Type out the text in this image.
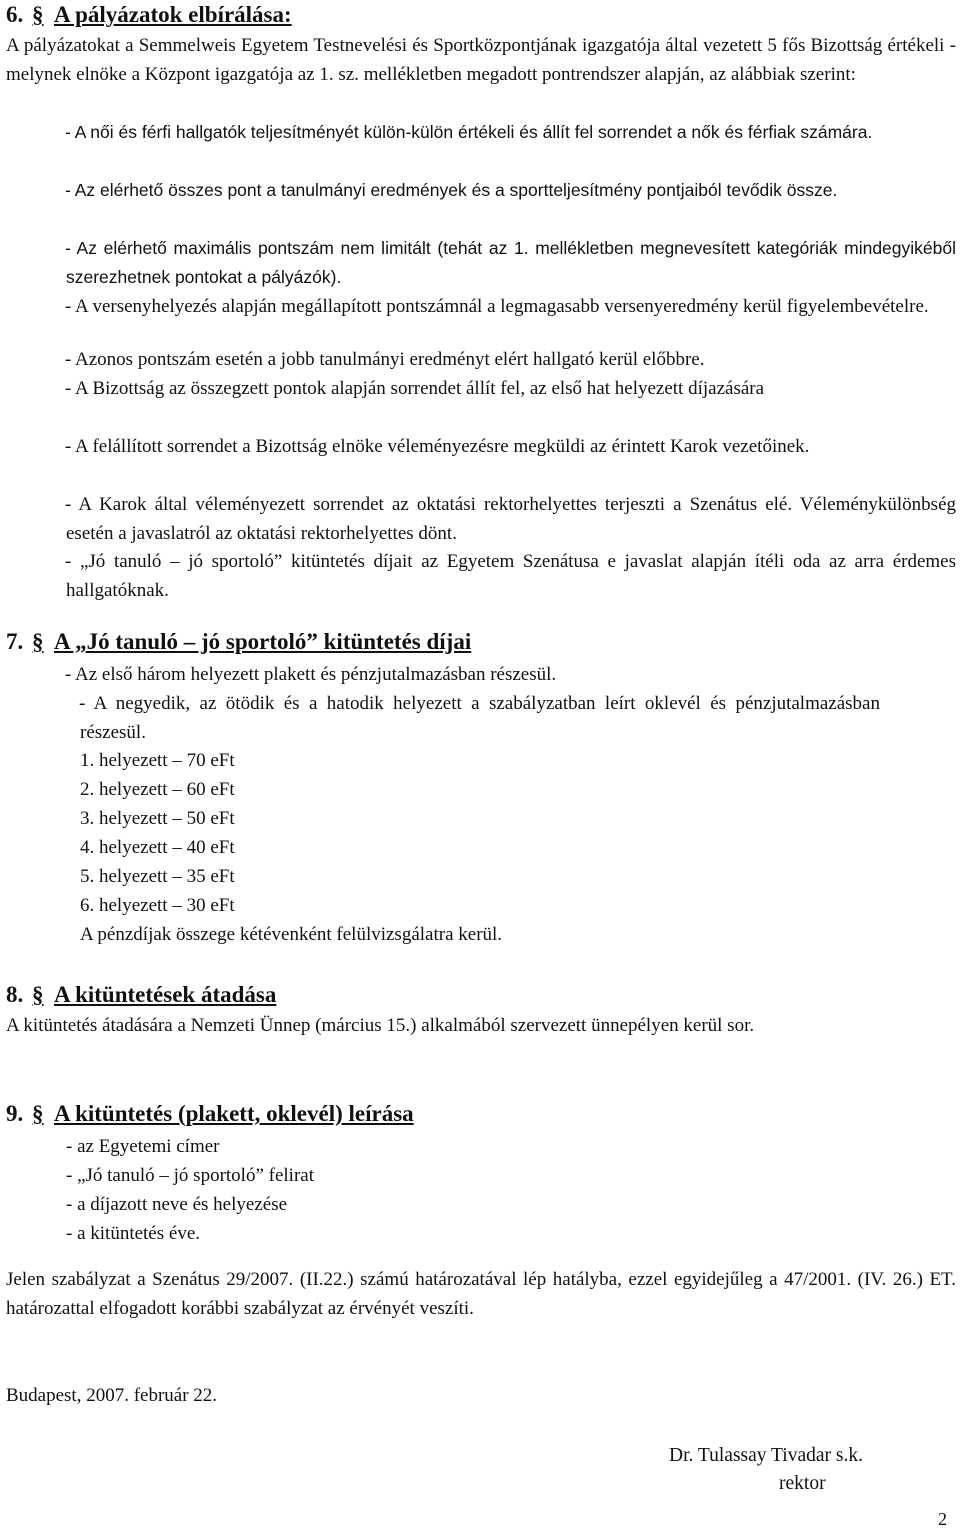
6. § A pályázatok elbírálása:
A pályázatokat a Semmelweis Egyetem Testnevelési és Sportközpontjának igazgatója által vezetett 5 fős Bizottság értékeli - melynek elnöke a Központ igazgatója az 1. sz. mellékletben megadott pontrendszer alapján, az alábbiak szerint:
- A női és férfi hallgatók teljesítményét külön-külön értékeli és állít fel sorrendet a nők és férfiak számára.
- Az elérhető összes pont a tanulmányi eredmények és a sportteljesítmény pontjaiból tevődik össze.
- Az elérhető maximális pontszám nem limitált (tehát az 1. mellékletben megnevesített kategóriák mindegyikéből szerezhetnek pontokat a pályázók).
- A versenyhelyezés alapján megállapított pontszámnál a legmagasabb versenyeredmény kerül figyelembevételre.
- Azonos pontszám esetén a jobb tanulmányi eredményt elért hallgató kerül előbbre.
- A Bizottság az összegzett pontok alapján sorrendet állít fel, az első hat helyezett díjazására
- A felállított sorrendet a Bizottság elnöke véleményezésre megküldi az érintett Karok vezetőinek.
- A Karok által véleményezett sorrendet az oktatási rektorhelyettes terjeszti a Szenátus elé. Véleménykülönbség esetén a javaslatról az oktatási rektorhelyettes dönt.
- „Jó tanuló – jó sportoló” kitüntetés díjait az Egyetem Szenátusa e javaslat alapján ítéli oda az arra érdemes hallgatóknak.
7. § A „Jó tanuló – jó sportoló” kitüntetés díjai
- Az első három helyezett plakett és pénzjutalmazásban részesül.
- A negyedik, az ötödik és a hatodik helyezett a szabályzatban leírt oklevél és pénzjutalmazásban részesül.
1. helyezett – 70 eFt
2. helyezett – 60 eFt
3. helyezett – 50 eFt
4. helyezett – 40 eFt
5. helyezett – 35 eFt
6. helyezett – 30 eFt
A pénzdíjak összege kétévenként felülvizsgálatra kerül.
8. § A kitüntetések átadása
A kitüntetés átadására a Nemzeti Ünnep (március 15.) alkalmából szervezett ünnepélyen kerül sor.
9. § A kitüntetés (plakett, oklevél) leírása
- az Egyetemi címer
- „Jó tanuló – jó sportoló” felirat
- a díjazott neve és helyezése
- a kitüntetés éve.
Jelen szabályzat a Szenátus 29/2007. (II.22.) számú határozatával lép hatályba, ezzel egyidejűleg a 47/2001. (IV. 26.) ET. határozattal elfogadott korábbi szabályzat az érvényét veszíti.
Budapest, 2007. február 22.
Dr. Tulassay Tivadar s.k.
rektor
2
